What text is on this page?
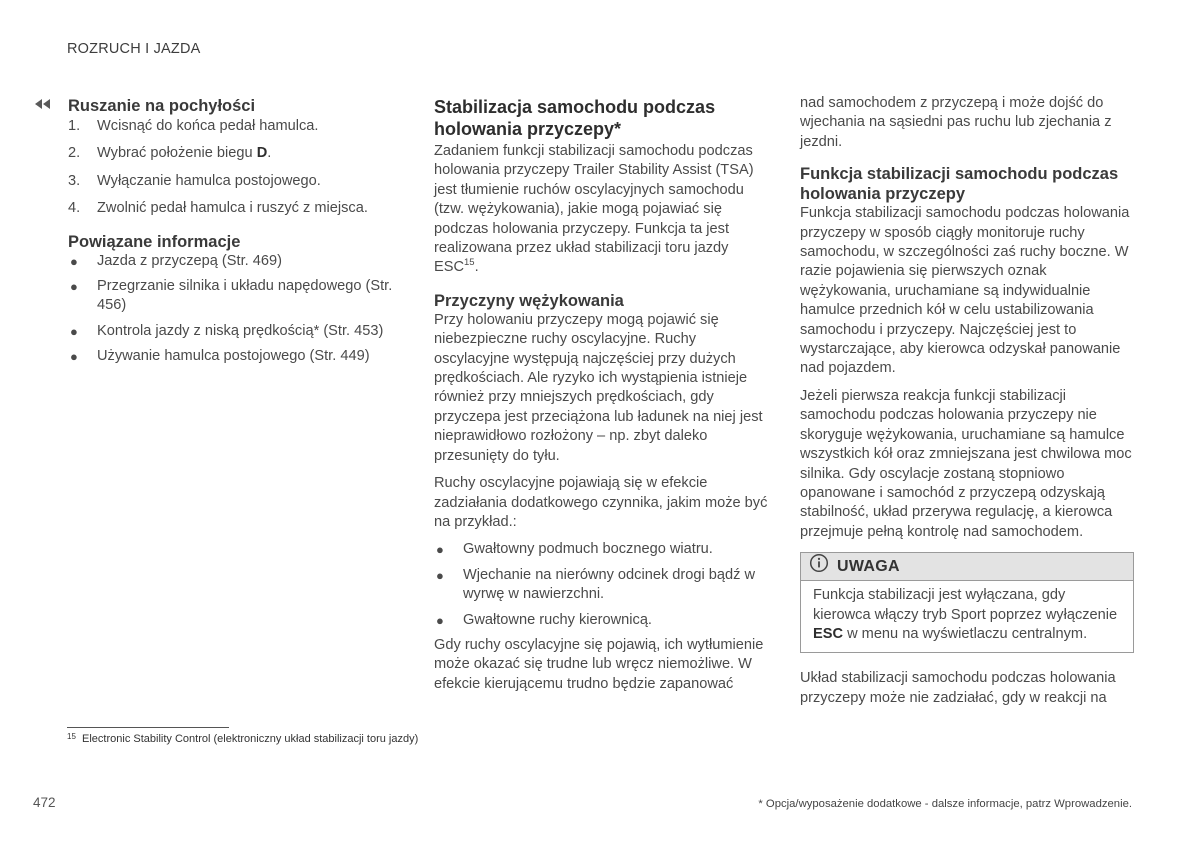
ROZRUCH I JAZDA
Ruszanie na pochyłości
1. Wcisnąć do końca pedał hamulca.
2. Wybrać położenie biegu D.
3. Wyłączanie hamulca postojowego.
4. Zwolnić pedał hamulca i ruszyć z miejsca.
Powiązane informacje
● Jazda z przyczepą (Str. 469)
● Przegrzanie silnika i układu napędowego (Str. 456)
● Kontrola jazdy z niską prędkością* (Str. 453)
● Używanie hamulca postojowego (Str. 449)
Stabilizacja samochodu podczas holowania przyczepy*

Zadaniem funkcji stabilizacji samochodu podczas holowania przyczepy Trailer Stability Assist (TSA) jest tłumienie ruchów oscylacyjnych samochodu (tzw. wężykowania), jakie mogą pojawiać się podczas holowania przyczepy. Funkcja ta jest realizowana przez układ stabilizacji toru jazdy ESC$^{15}$.

Przyczyny wężykowania

Przy holowaniu przyczepy mogą pojawić się niebezpieczne ruchy oscylacyjne. Ruchy oscylacyjne występują najczęściej przy dużych prędkościach. Ale ryzyko ich wystąpienia istnieje również przy mniejszych prędkościach, gdy przyczepa jest przeciążona lub ładunek na niej jest nieprawidłowo rozłożony – np. zbyt daleko przesunięty do tyłu.

Ruchy oscylacyjne pojawiają się w efekcie zadziałania dodatkowego czynnika, jakim może być na przykład.:

● Gwałtowny podmuch bocznego wiatru.
● Wjechanie na nierówny odcinek drogi bądź w wyrwę w nawierzchni.
● Gwałtowne ruchy kierownicą.

Gdy ruchy oscylacyjne się pojawią, ich wytłumienie może okazać się trudne lub wręcz niemożliwe. W efekcie kierującemu trudno będzie zapanować

nad samochodem z przyczepą i może dojść do wjechania na sąsiedni pas ruchu lub zjechania z jezdni.

Funkcja stabilizacji samochodu podczas holowania przyczepy

Funkcja stabilizacji samochodu podczas holowania przyczepy w sposób ciągły monitoruje ruchy samochodu, w szczególności zaś ruchy boczne. W razie pojawienia się pierwszych oznak wężykowania, uruchamiane są indywidualnie hamulce przednich kół w celu ustabilizowania samochodu i przyczepy. Najczęściej jest to wystarczające, aby kierowca odzyskał panowanie nad pojazdem.

Jeżeli pierwsza reakcja funkcji stabilizacji samochodu podczas holowania przyczepy nie skoryguje wężykowania, uruchamiane są hamulce wszystkich kół oraz zmniejszana jest chwilowa moc silnika. Gdy oscylacje zostaną stopniowo opanowane i samochód z przyczepą odzyskają stabilność, układ przerywa regulację, a kierowca przejmuje pełną kontrolę nad samochodem.

UWAGA
Funkcja stabilizacji jest wyłączana, gdy kierowca włączy tryb Sport poprzez wyłączenie ESC w menu na wyświetlaczu centralnym.

Układ stabilizacji samochodu podczas holowania przyczepy może nie zadziałać, gdy w reakcji na

$^{15}$ Electronic Stability Control (elektroniczny układ stabilizacji toru jazdy)
472	* Opcja/wyposażenie dodatkowe - dalsze informacje, patrz Wprowadzenie.
